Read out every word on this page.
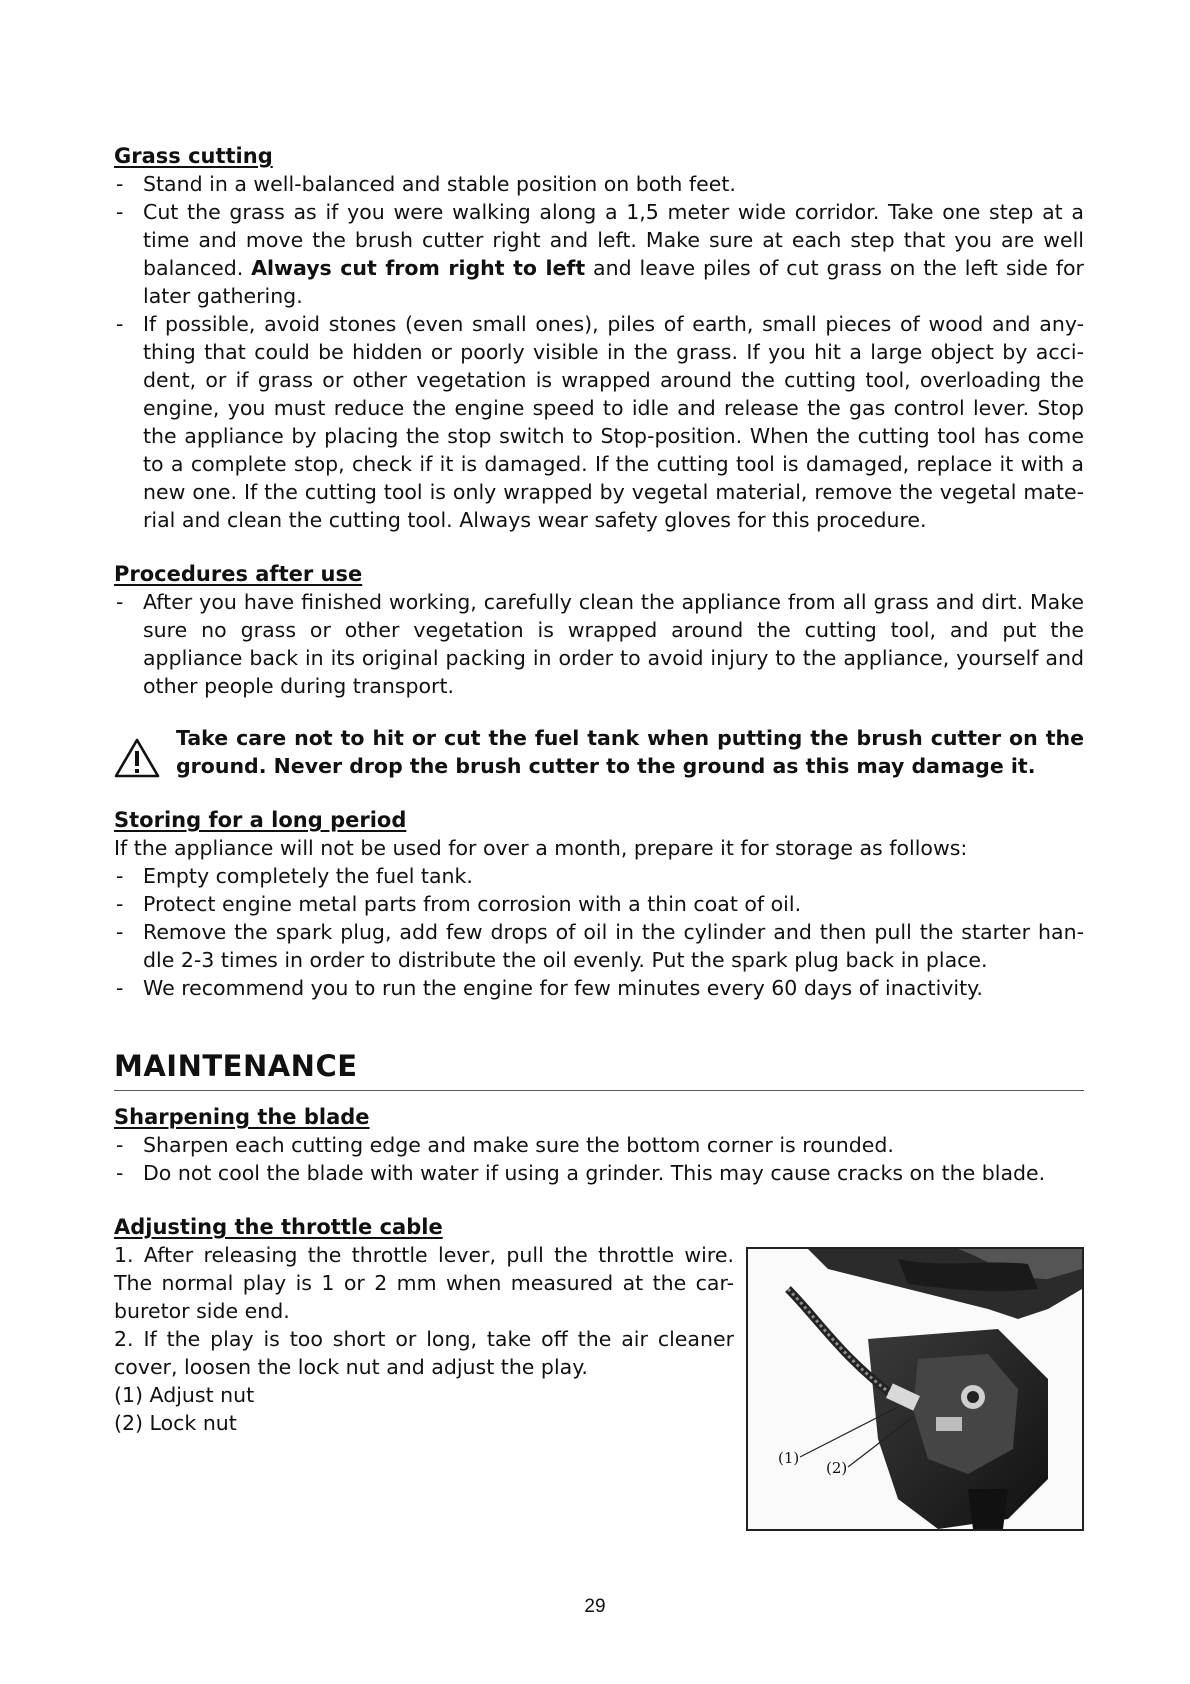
Grass cutting
- Stand in a well-balanced and stable position on both feet.
- Cut the grass as if you were walking along a 1,5 meter wide corridor. Take one step at a time and move the brush cutter right and left. Make sure at each step that you are well balanced. Always cut from right to left and leave piles of cut grass on the left side for later gathering.
- If possible, avoid stones (even small ones), piles of earth, small pieces of wood and any-thing that could be hidden or poorly visible in the grass. If you hit a large object by acci-dent, or if grass or other vegetation is wrapped around the cutting tool, overloading the engine, you must reduce the engine speed to idle and release the gas control lever. Stop the appliance by placing the stop switch to Stop-position. When the cutting tool has come to a complete stop, check if it is damaged. If the cutting tool is damaged, replace it with a new one. If the cutting tool is only wrapped by vegetal material, remove the vegetal mate-rial and clean the cutting tool. Always wear safety gloves for this procedure.
Procedures after use
- After you have finished working, carefully clean the appliance from all grass and dirt. Make sure no grass or other vegetation is wrapped around the cutting tool, and put the appliance back in its original packing in order to avoid injury to the appliance, yourself and other people during transport.

Take care not to hit or cut the fuel tank when putting the brush cutter on the ground. Never drop the brush cutter to the ground as this may damage it.

Storing for a long period

If the appliance will not be used for over a month, prepare it for storage as follows:

- Empty completely the fuel tank.
- Protect engine metal parts from corrosion with a thin coat of oil.
- Remove the spark plug, add few drops of oil in the cylinder and then pull the starter han-dle 2-3 times in order to distribute the oil evenly. Put the spark plug back in place.
- We recommend you to run the engine for few minutes every 60 days of inactivity.
MAINTENANCE
Sharpening the blade
- Sharpen each cutting edge and make sure the bottom corner is rounded.
- Do not cool the blade with water if using a grinder. This may cause cracks on the blade.
Adjusting the throttle cable

1. After releasing the throttle lever, pull the throttle wire. The normal play is 1 or 2 mm when measured at the car-buretor side end.

2. If the play is too short or long, take off the air cleaner cover, loosen the lock nut and adjust the play.

(1) Adjust nut

(2) Lock nut

(1)
(2)
29
